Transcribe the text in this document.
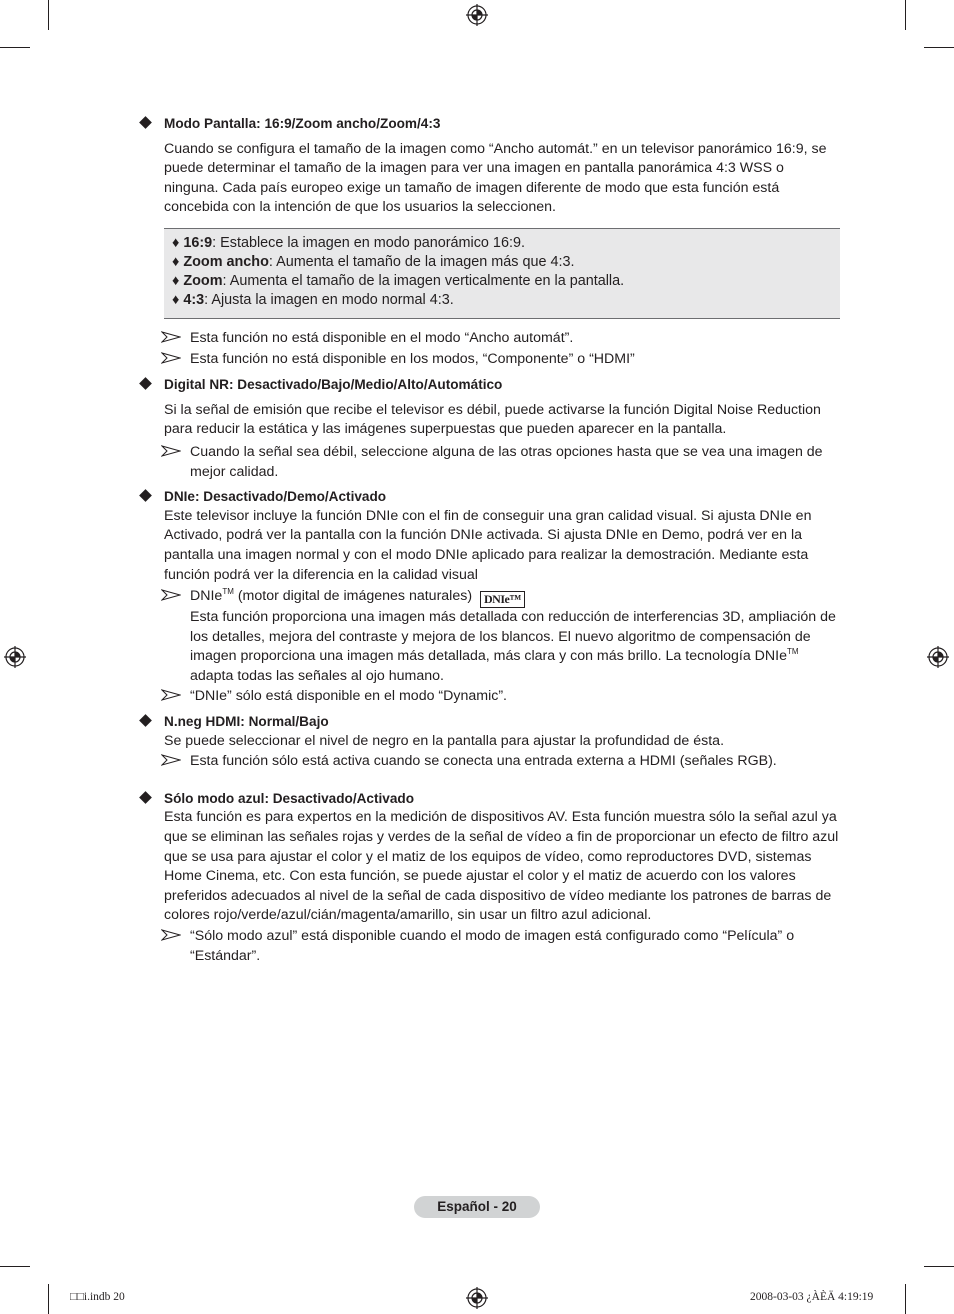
Modo Pantalla: 16:9/Zoom ancho/Zoom/4:3
Cuando se configura el tamaño de la imagen como “Ancho automát.” en un televisor panorámico 16:9, se puede determinar el tamaño de la imagen para ver una imagen en pantalla panorámica 4:3 WSS o ninguna. Cada país europeo exige un tamaño de imagen diferente de modo que esta función está concebida con la intención de que los usuarios la seleccionen.
♦ 16:9: Establece la imagen en modo panorámico 16:9.
♦ Zoom ancho: Aumenta el tamaño de la imagen más que 4:3.
♦ Zoom: Aumenta el tamaño de la imagen verticalmente en la pantalla.
♦ 4:3: Ajusta la imagen en modo normal 4:3.
Esta función no está disponible en el modo “Ancho automát”.
Esta función no está disponible en los modos, “Componente” o “HDMI”
Digital NR: Desactivado/Bajo/Medio/Alto/Automático
Si la señal de emisión que recibe el televisor es débil, puede activarse la función Digital Noise Reduction para reducir la estática y las imágenes superpuestas que pueden aparecer en la pantalla.
Cuando la señal sea débil, seleccione alguna de las otras opciones hasta que se vea una imagen de mejor calidad.
DNIe: Desactivado/Demo/Activado
Este televisor incluye la función DNIe con el fin de conseguir una gran calidad visual. Si ajusta DNIe en Activado, podrá ver la pantalla con la función DNIe activada. Si ajusta DNIe en Demo, podrá ver en la pantalla una imagen normal y con el modo DNIe aplicado para realizar la demostración. Mediante esta función podrá ver la diferencia en la calidad visual
DNIe™ (motor digital de imágenes naturales) DNIe™
Esta función proporciona una imagen más detallada con reducción de interferencias 3D, ampliación de los detalles, mejora del contraste y mejora de los blancos. El nuevo algoritmo de compensación de imagen proporciona una imagen más detallada, más clara y con más brillo. La tecnología DNIe™ adapta todas las señales al ojo humano.
“DNIe” sólo está disponible en el modo “Dynamic”.
N.neg HDMI: Normal/Bajo
Se puede seleccionar el nivel de negro en la pantalla para ajustar la profundidad de ésta.
Esta función sólo está activa cuando se conecta una entrada externa a HDMI (señales RGB).
Sólo modo azul: Desactivado/Activado
Esta función es para expertos en la medición de dispositivos AV. Esta función muestra sólo la señal azul ya que se eliminan las señales rojas y verdes de la señal de vídeo a fin de proporcionar un efecto de filtro azul que se usa para ajustar el color y el matiz de los equipos de vídeo, como reproductores DVD, sistemas Home Cinema, etc. Con esta función, se puede ajustar el color y el matiz de acuerdo con los valores preferidos adecuados al nivel de la señal de cada dispositivo de vídeo mediante los patrones de barras de colores rojo/verde/azul/cián/magenta/amarillo, sin usar un filtro azul adicional.
“Sólo modo azul” está disponible cuando el modo de imagen está configurado como “Película” o “Estándar”.
Español - 20
□□i.indb 20	2008-03-03 ¿ÀÈÄ 4:19:19
